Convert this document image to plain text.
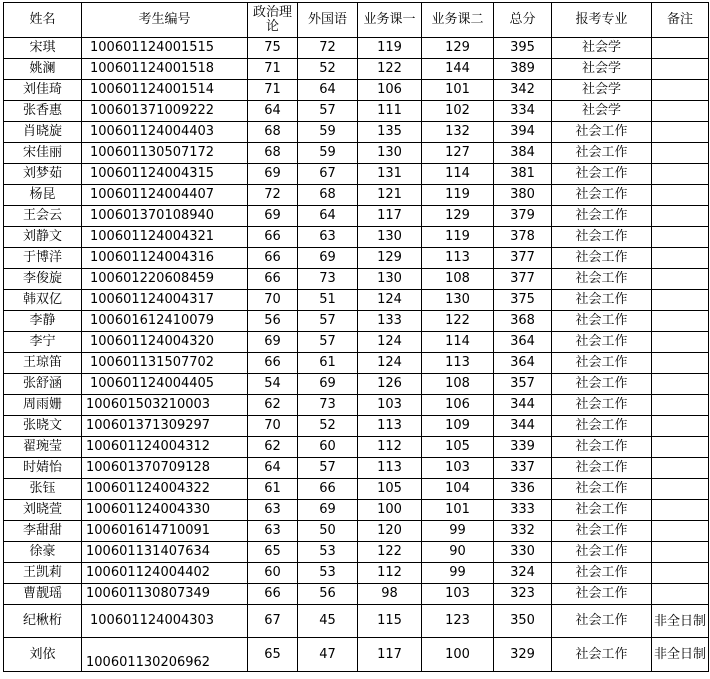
姓名	考生编号	政治理论	外国语	业务课一	业务课二	总分	报考专业	备注
宋琪	100601124001515	75	72	119	129	395	社会学	
姚澜	100601124001518	71	52	122	144	389	社会学	
刘佳琦	100601124001514	71	64	106	101	342	社会学	
张香惠	100601371009222	64	57	111	102	334	社会学	
肖晓旋	100601124004403	68	59	135	132	394	社会工作	
宋佳丽	100601130507172	68	59	130	127	384	社会工作	
刘梦茹	100601124004315	69	67	131	114	381	社会工作	
杨昆	100601124004407	72	68	121	119	380	社会工作	
王会云	100601370108940	69	64	117	129	379	社会工作	
刘静文	100601124004321	66	63	130	119	378	社会工作	
于博洋	100601124004316	66	69	129	113	377	社会工作	
李俊旋	100601220608459	66	73	130	108	377	社会工作	
韩双亿	100601124004317	70	51	124	130	375	社会工作	
李静	100601612410079	56	57	133	122	368	社会工作	
李宁	100601124004320	69	57	124	114	364	社会工作	
王琼笛	100601131507702	66	61	124	113	364	社会工作	
张舒涵	100601124004405	54	69	126	108	357	社会工作	
周雨姗	100601503210003	62	73	103	106	344	社会工作	
张晓文	100601371309297	70	52	113	109	344	社会工作	
翟琬莹	100601124004312	62	60	112	105	339	社会工作	
时婧怡	100601370709128	64	57	113	103	337	社会工作	
张钰	100601124004322	61	66	105	104	336	社会工作	
刘晓萱	100601124004330	63	69	100	101	333	社会工作	
李甜甜	100601614710091	63	50	120	99	332	社会工作	
徐豪	100601131407634	65	53	122	90	330	社会工作	
王凯莉	100601124004402	60	53	112	99	324	社会工作	
曹靓瑶	100601130807349	66	56	98	103	323	社会工作	
纪楸桁	100601124004303	67	45	115	123	350	社会工作	非全日制
刘依	100601130206962	65	47	117	100	329	社会工作	非全日制
